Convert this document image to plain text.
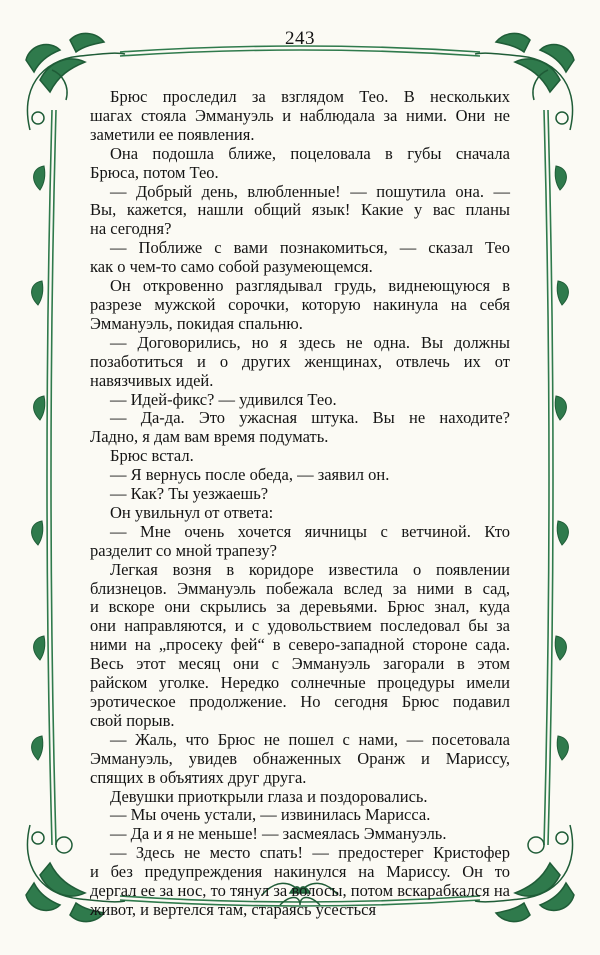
243

Брюс проследил за взглядом Тео. В нескольких

шагах стояла Эммануэль и наблюдала за ними. Они не

заметили ее появления.

Она подошла ближе, поцеловала в губы сначала

Брюса, потом Тео.

— Добрый день, влюбленные! — пошутила она. —

Вы, кажется, нашли общий язык! Какие у вас планы

на сегодня?

— Поближе с вами познакомиться, — сказал Тео

как о чем-то само собой разумеющемся.

Он откровенно разглядывал грудь, виднеющуюся в

разрезе мужской сорочки, которую накинула на себя

Эммануэль, покидая спальню.

— Договорились, но я здесь не одна. Вы должны

позаботиться и о других женщинах, отвлечь их от

навязчивых идей.

— Идей-фикс? — удивился Тео.

— Да-да. Это ужасная штука. Вы не находите?

Ладно, я дам вам время подумать.

Брюс встал.

— Я вернусь после обеда, — заявил он.

— Как? Ты уезжаешь?

Он увильнул от ответа:

— Мне очень хочется яичницы с ветчиной. Кто

разделит со мной трапезу?

Легкая возня в коридоре известила о появлении

близнецов. Эммануэль побежала вслед за ними в сад,

и вскоре они скрылись за деревьями. Брюс знал, куда

они направляются, и с удовольствием последовал бы за

ними на „просеку фей“ в северо-западной стороне сада.

Весь этот месяц они с Эммануэль загорали в этом

райском уголке. Нередко солнечные процедуры имели

эротическое продолжение. Но сегодня Брюс подавил

свой порыв.

— Жаль, что Брюс не пошел с нами, — посетовала

Эммануэль, увидев обнаженных Оранж и Мариссу,

спящих в объятиях друг друга.

Девушки приоткрыли глаза и поздоровались.

— Мы очень устали, — извинилась Марисса.

— Да и я не меньше! — засмеялась Эммануэль.

— Здесь не место спать! — предостерег Кристофер

и без предупреждения накинулся на Мариссу. Он то

дергал ее за нос, то тянул за волосы, потом вскарабкался на живот, и вертелся там, стараясь усесться
